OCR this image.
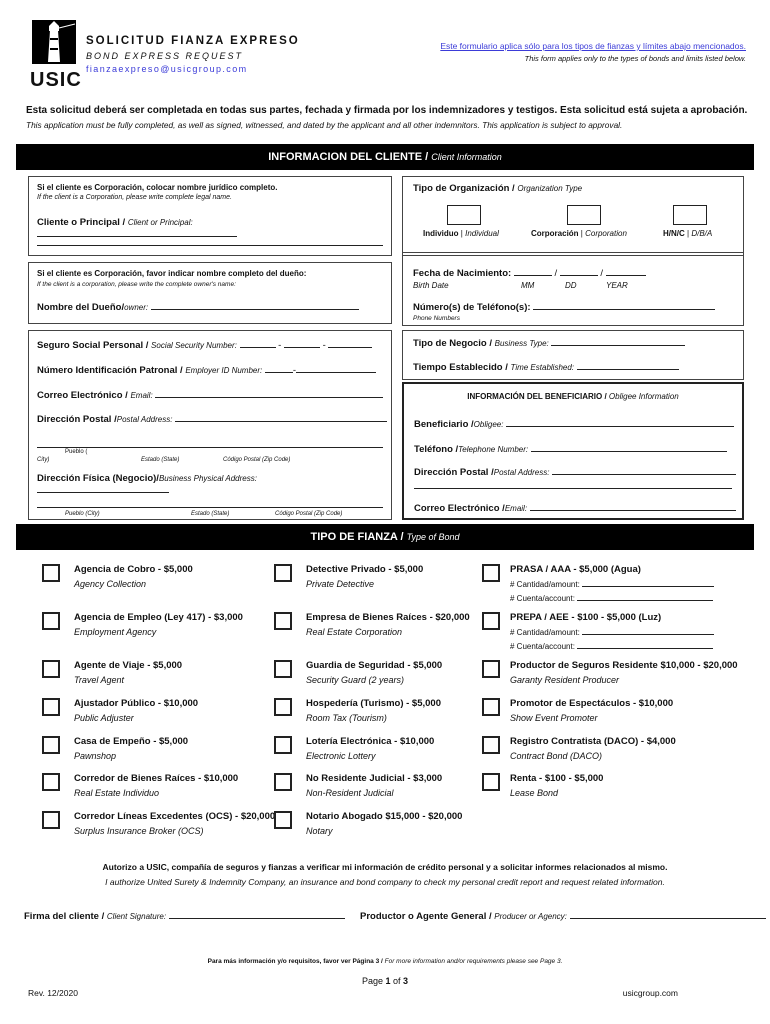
USIC
SOLICITUD FIANZA EXPRESO
BOND EXPRESS REQUEST
fianzaexpreso@usicgroup.com
Este formulario aplica sólo para los tipos de fianzas y límites abajo mencionados.
This form applies only to the types of bonds and limits listed below.
Esta solicitud deberá ser completada en todas sus partes, fechada y firmada por los indemnizadores y testigos. Esta solicitud está sujeta a aprobación.
This application must be fully completed, as well as signed, witnessed, and dated by the applicant and all other indemnitors. This application is subject to approval.
INFORMACION DEL CLIENTE / Client Information
Si el cliente es Corporación, colocar nombre jurídico completo.
If the client is a Corporation, please write complete legal name.
Cliente o Principal / Client or Principal:
Tipo de Organización / Organization Type
Individuo | Individual	Corporación | Corporation	H/N/C | D/B/A
Si el cliente es Corporación, favor indicar nombre completo del dueño:
If the client is a corporation, please write the complete owner's name:
Nombre del Dueño/owner:
Fecha de Nacimiento:	/	/
Birth Date	MM	DD	YEAR
Número(s) de Teléfono(s):
Phone Numbers
Seguro Social Personal / Social Security Number:	-	-
Número Identificación Patronal / Employer ID Number:	-
Correo Electrónico / Email:
Dirección Postal /Postal Address:
Pueblo (
City)	Estado (State)	Código Postal (Zip Code)
Dirección Física (Negocio)/Business Physical Address:
Pueblo (City)	Estado (State)	Código Postal (Zip Code)
Tipo de Negocio / Business Type:
Tiempo Establecido / Time Established:
INFORMACIÓN DEL BENEFICIARIO / Obligee Information
Beneficiario /Obligee:
Teléfono /Telephone Number:
Dirección Postal /Postal Address:
Correo Electrónico /Email:
TIPO DE FIANZA / Type of Bond
Agencia de Cobro - $5,000
Agency Collection
Agencia de Empleo (Ley 417) - $3,000
Employment Agency
Agente de Viaje - $5,000
Travel Agent
Ajustador Público - $10,000
Public Adjuster
Casa de Empeño - $5,000
Pawnshop
Corredor de Bienes Raíces - $10,000
Real Estate Individuo
Corredor Líneas Excedentes (OCS) - $20,000
Surplus Insurance Broker (OCS)
Detective Privado - $5,000
Private Detective
Empresa de Bienes Raíces - $20,000
Real Estate Corporation
Guardia de Seguridad - $5,000
Security Guard (2 years)
Hospedería (Turismo) - $5,000
Room Tax (Tourism)
Lotería Electrónica - $10,000
Electronic Lottery
No Residente Judicial - $3,000
Non-Resident Judicial
Notario Abogado $15,000 - $20,000
Notary
PRASA / AAA - $5,000 (Agua)
# Cantidad/amount:
# Cuenta/account:
PREPA / AEE - $100 - $5,000 (Luz)
# Cantidad/amount:
# Cuenta/account:
Productor de Seguros Residente $10,000 - $20,000
Garanty Resident Producer
Promotor de Espectáculos - $10,000
Show Event Promoter
Registro Contratista (DACO) - $4,000
Contract Bond (DACO)
Renta - $100 - $5,000
Lease Bond
Autorizo a USIC, compañía de seguros y fianzas a verificar mi información de crédito personal y a solicitar informes relacionados al mismo.
I authorize United Surety & Indemnity Company, an insurance and bond company to check my personal credit report and request related information.
Firma del cliente / Client Signature:	Productor o Agente General / Producer or Agency:
Para más información y/o requisitos, favor ver Página 3 / For more information and/or requirements please see Page 3.
Page 1 of 3
Rev. 12/2020	usicgroup.com
